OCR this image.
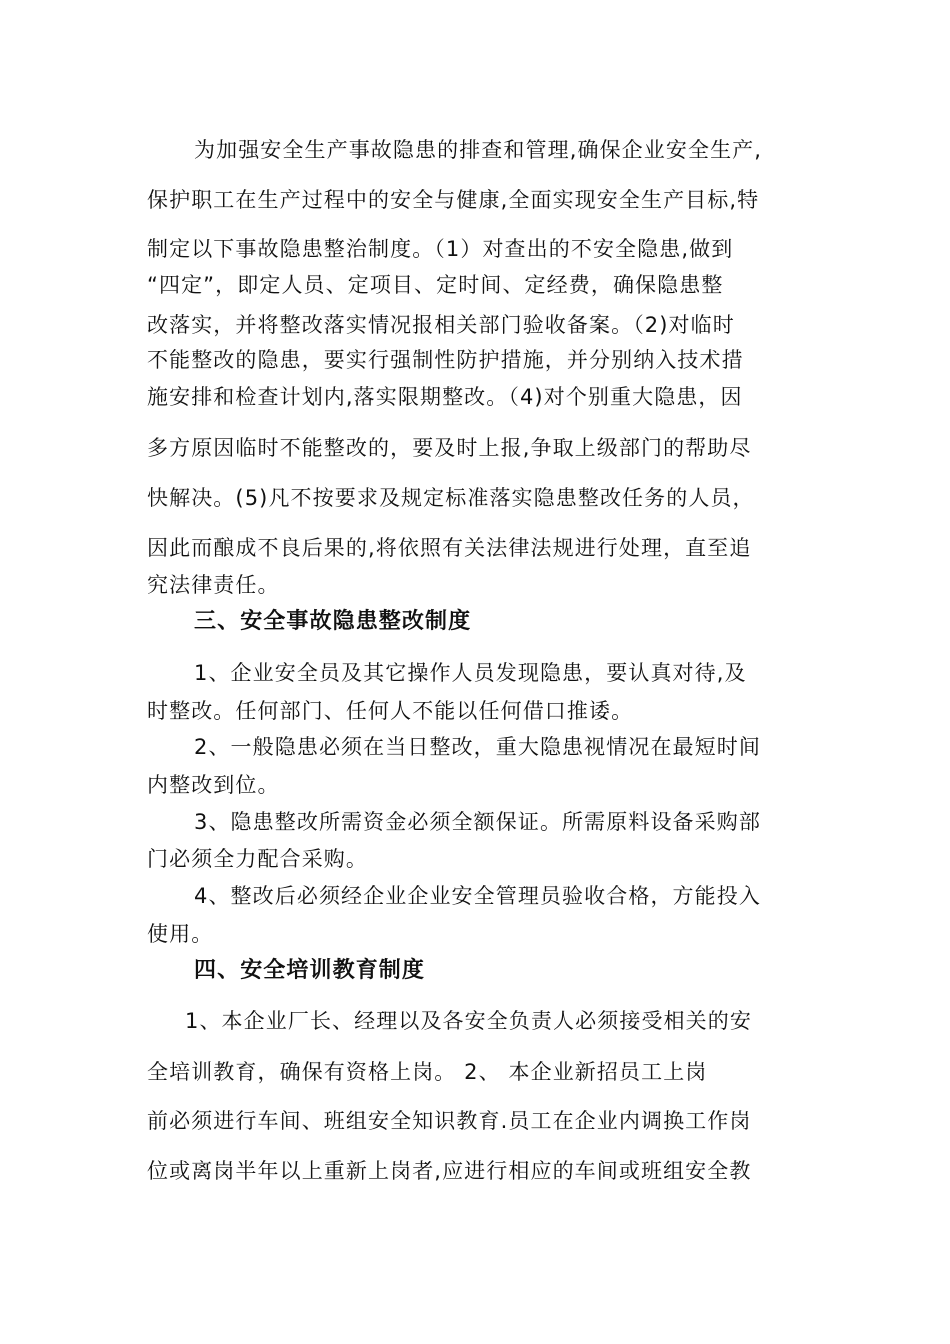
为加强安全生产事故隐患的排查和管理,确保企业安全生产,
保护职工在生产过程中的安全与健康,全面实现安全生产目标,特
制定以下事故隐患整治制度。（1）对查出的不安全隐患,做到
“四定”，即定人员、定项目、定时间、定经费，确保隐患整
改落实，并将整改落实情况报相关部门验收备案。（2)对临时
不能整改的隐患，要实行强制性防护措施，并分别纳入技术措
施安排和检查计划内,落实限期整改。（4)对个别重大隐患，因
多方原因临时不能整改的，要及时上报,争取上级部门的帮助尽
快解决。(5)凡不按要求及规定标准落实隐患整改任务的人员，
因此而酿成不良后果的,将依照有关法律法规进行处理，直至追
究法律责任。
三、安全事故隐患整改制度
1、企业安全员及其它操作人员发现隐患，要认真对待,及
时整改。任何部门、任何人不能以任何借口推诿。
2、一般隐患必须在当日整改，重大隐患视情况在最短时间
内整改到位。
3、隐患整改所需资金必须全额保证。所需原料设备采购部
门必须全力配合采购。
4、整改后必须经企业企业安全管理员验收合格，方能投入
使用。
四、安全培训教育制度
1、本企业厂长、经理以及各安全负责人必须接受相关的安
全培训教育，确保有资格上岗。 2、 本企业新招员工上岗
前必须进行车间、班组安全知识教育.员工在企业内调换工作岗
位或离岗半年以上重新上岗者,应进行相应的车间或班组安全教
